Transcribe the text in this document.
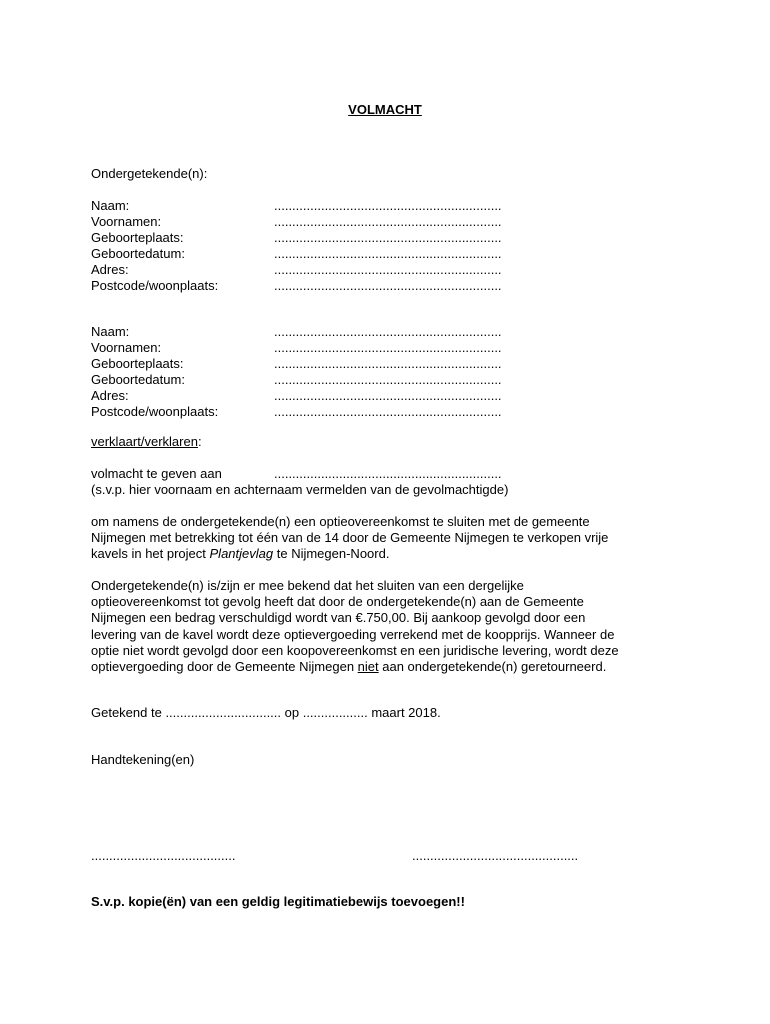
VOLMACHT
Ondergetekende(n):
Naam:	...............................................................
Voornamen:	...............................................................
Geboorteplaats:	...............................................................
Geboortedatum:	...............................................................
Adres:	...............................................................
Postcode/woonplaats:	...............................................................
Naam:	...............................................................
Voornamen:	...............................................................
Geboorteplaats:	...............................................................
Geboortedatum:	...............................................................
Adres:	...............................................................
Postcode/woonplaats:	...............................................................
verklaart/verklaren:
volmacht te geven aan	...............................................................
(s.v.p. hier voornaam en achternaam vermelden van de gevolmachtigde)
om namens de ondergetekende(n) een optieovereenkomst te sluiten met de gemeente
Nijmegen met betrekking tot één van de 14 door de Gemeente Nijmegen te verkopen vrije
kavels in het project Plantjevlag te Nijmegen-Noord.
Ondergetekende(n) is/zijn er mee bekend dat het sluiten van een dergelijke
optieovereenkomst tot gevolg heeft dat door de ondergetekende(n) aan de Gemeente
Nijmegen een bedrag verschuldigd wordt van €.750,00. Bij aankoop gevolgd door een
levering van de kavel wordt deze optievergoeding verrekend met de koopprijs. Wanneer de
optie niet wordt gevolgd door een koopovereenkomst en een juridische levering, wordt deze
optievergoeding door de Gemeente Nijmegen niet aan ondergetekende(n) geretourneerd.
Getekend te ................................ op .................. maart 2018.
Handtekening(en)
........................................	..............................................
S.v.p. kopie(ën) van een geldig legitimatiebewijs toevoegen!!
